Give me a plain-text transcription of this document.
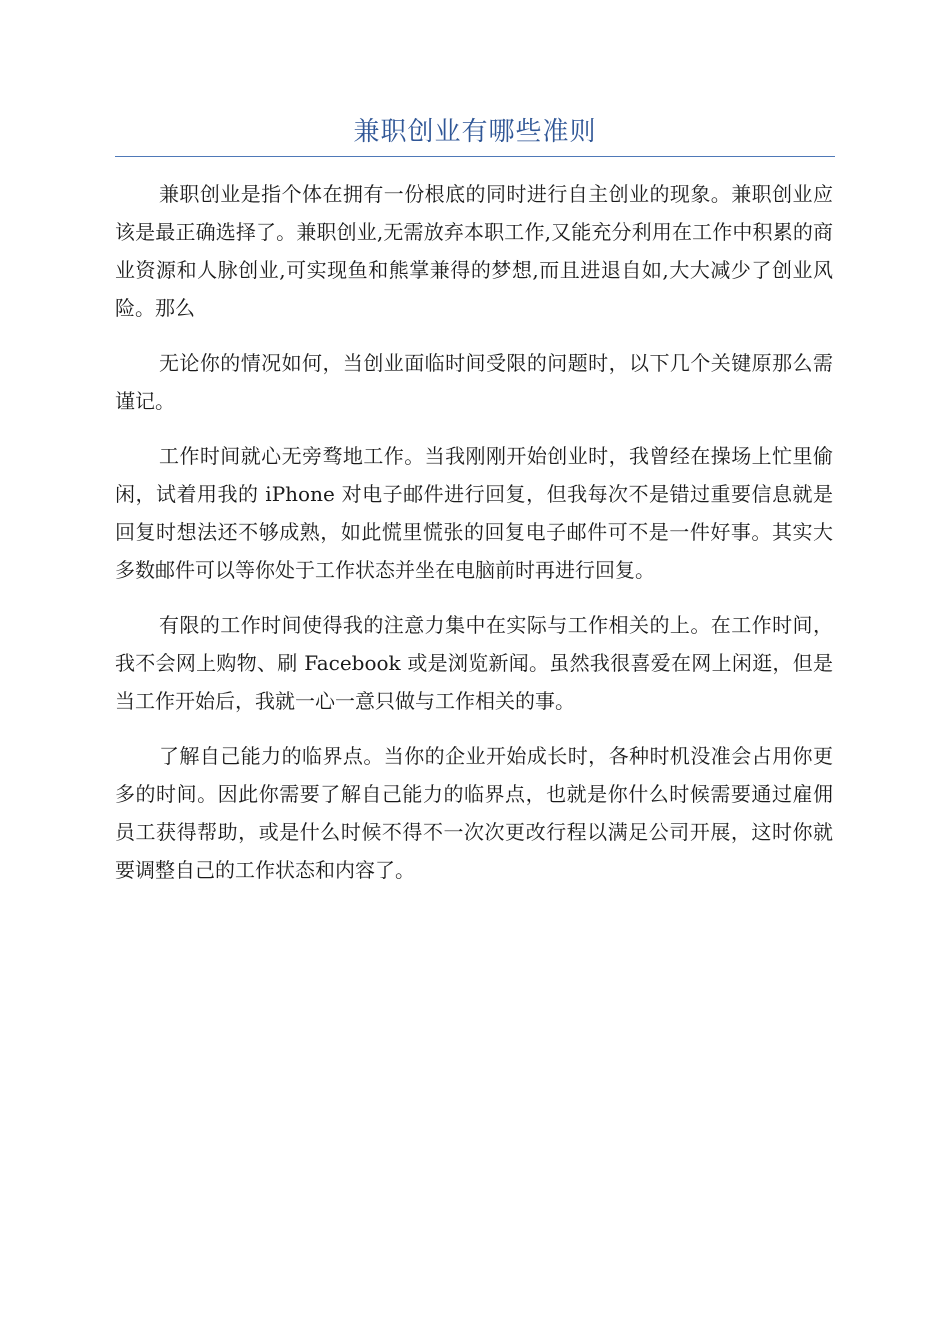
兼职创业有哪些准则

兼职创业是指个体在拥有一份根底的同时进行自主创业的现象。兼职创业应该是最正确选择了。兼职创业,无需放弃本职工作,又能充分利用在工作中积累的商业资源和人脉创业,可实现鱼和熊掌兼得的梦想,而且进退自如,大大减少了创业风险。那么

无论你的情况如何，当创业面临时间受限的问题时，以下几个关键原那么需谨记。

工作时间就心无旁骛地工作。当我刚刚开始创业时，我曾经在操场上忙里偷闲，试着用我的 iPhone 对电子邮件进行回复，但我每次不是错过重要信息就是回复时想法还不够成熟，如此慌里慌张的回复电子邮件可不是一件好事。其实大多数邮件可以等你处于工作状态并坐在电脑前时再进行回复。

有限的工作时间使得我的注意力集中在实际与工作相关的上。在工作时间，我不会网上购物、刷 Facebook 或是浏览新闻。虽然我很喜爱在网上闲逛，但是当工作开始后，我就一心一意只做与工作相关的事。

了解自己能力的临界点。当你的企业开始成长时，各种时机没准会占用你更多的时间。因此你需要了解自己能力的临界点，也就是你什么时候需要通过雇佣员工获得帮助，或是什么时候不得不一次次更改行程以满足公司开展，这时你就要调整自己的工作状态和内容了。
